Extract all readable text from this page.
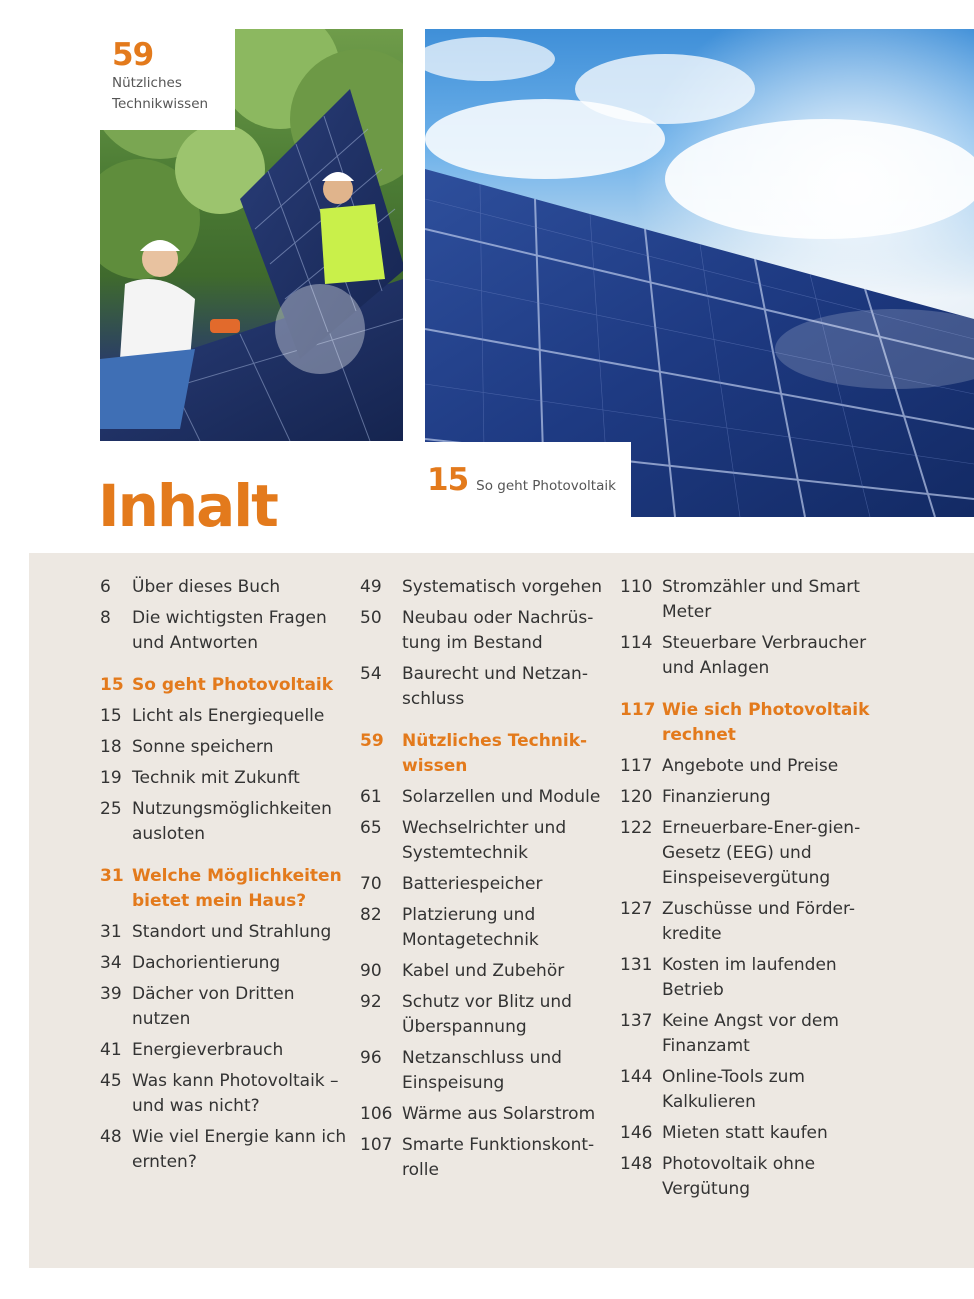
59
Nützliches
Technikwissen
15 So geht Photovoltaik
Inhalt
6	Über dieses Buch
8	Die wichtigsten Fragen und Antworten
15 So geht Photovoltaik
15 Licht als Energiequelle
18 Sonne speichern
19 Technik mit Zukunft
25 Nutzungsmöglichkeiten ausloten
31 Welche Möglichkeiten bietet mein Haus?
31 Standort und Strahlung
34 Dachorientierung
39 Dächer von Dritten nutzen
41 Energieverbrauch
45 Was kann Photovoltaik – und was nicht?
48 Wie viel Energie kann ich ernten?
49	Systematisch vorgehen
50	Neubau oder Nachrüs-tung im Bestand
54	Baurecht und Netzan-schluss
59	Nützliches Technik-wissen
61	Solarzellen und Module
65	Wechselrichter und Systemtechnik
70	Batteriespeicher
82	Platzierung und Montagetechnik
90	Kabel und Zubehör
92	Schutz vor Blitz und Überspannung
96	Netzanschluss und Einspeisung
106 Wärme aus Solarstrom
107 Smarte Funktionskont-rolle
110 Stromzähler und Smart Meter
114 Steuerbare Verbraucher und Anlagen
117 Wie sich Photovoltaik rechnet
117 Angebote und Preise
120 Finanzierung
122 Erneuerbare-Ener-gien-Gesetz (EEG) und Einspeisevergütung
127 Zuschüsse und Förder-kredite
131 Kosten im laufenden Betrieb
137 Keine Angst vor dem Finanzamt
144 Online-Tools zum Kalkulieren
146 Mieten statt kaufen
148 Photovoltaik ohne Vergütung
